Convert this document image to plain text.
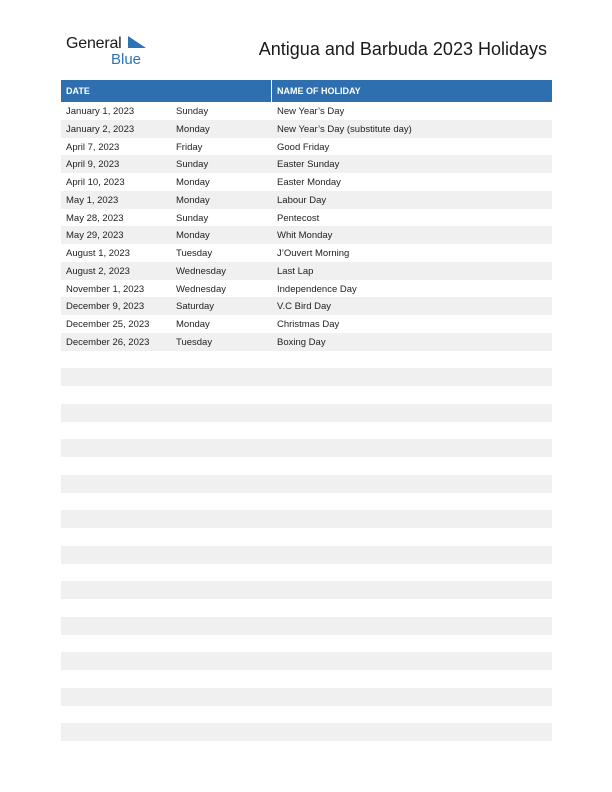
General
Blue
Antigua and Barbuda 2023 Holidays
DATE	NAME OF HOLIDAY
January 1, 2023	Sunday	New Year’s Day
January 2, 2023	Monday	New Year’s Day (substitute day)
April 7, 2023	Friday	Good Friday
April 9, 2023	Sunday	Easter Sunday
April 10, 2023	Monday	Easter Monday
May 1, 2023	Monday	Labour Day
May 28, 2023	Sunday	Pentecost
May 29, 2023	Monday	Whit Monday
August 1, 2023	Tuesday	J’Ouvert Morning
August 2, 2023	Wednesday	Last Lap
November 1, 2023	Wednesday	Independence Day
December 9, 2023	Saturday	V.C Bird Day
December 25, 2023	Monday	Christmas Day
December 26, 2023	Tuesday	Boxing Day
